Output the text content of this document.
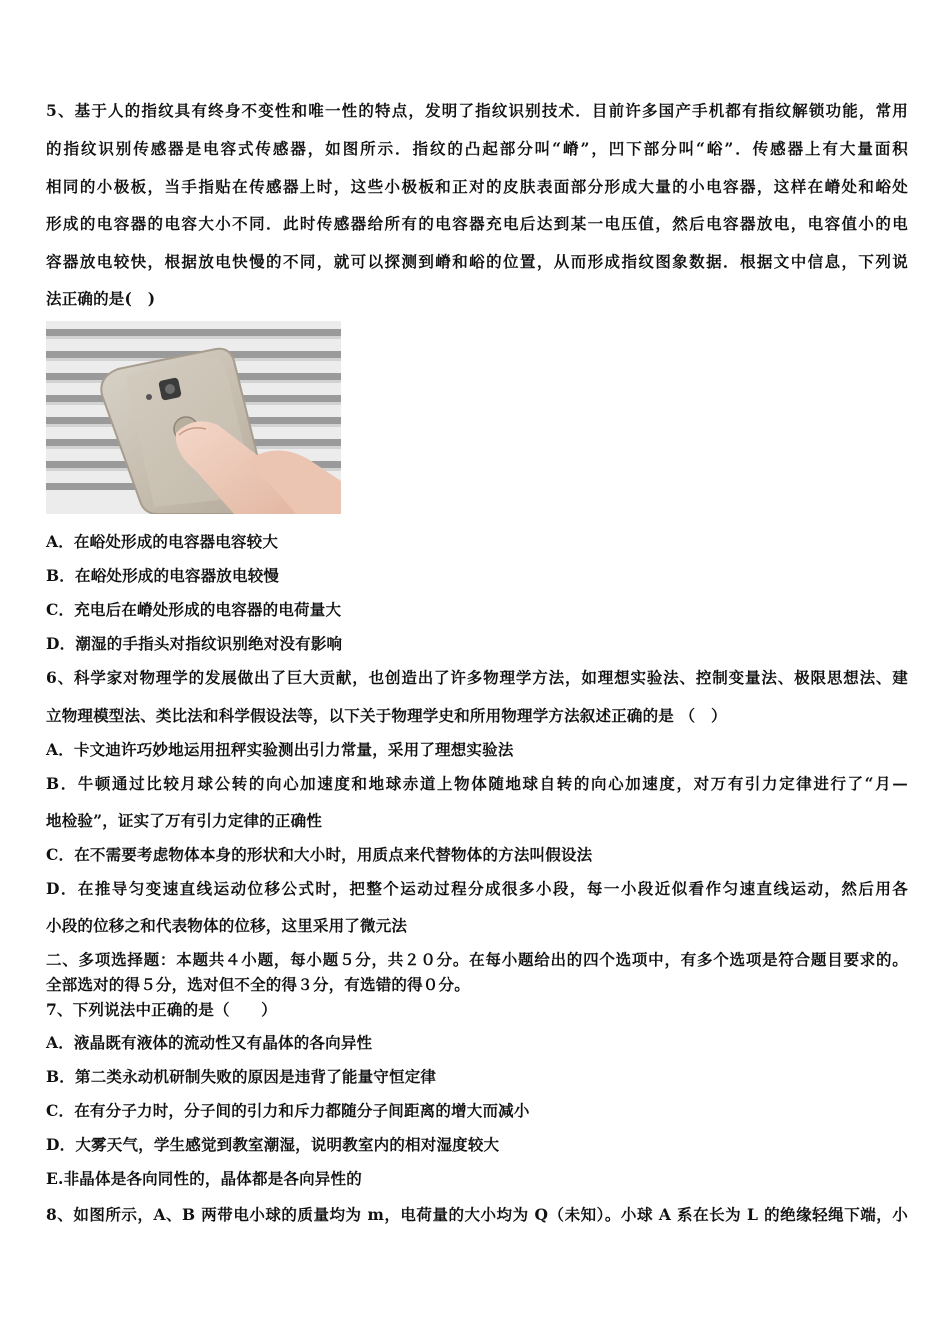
5、基于人的指纹具有终身不变性和唯一性的特点，发明了指纹识别技术．目前许多国产手机都有指纹解锁功能，常用
的指纹识别传感器是电容式传感器，如图所示．指纹的凸起部分叫“嵴”，凹下部分叫“峪”．传感器上有大量面积
相同的小极板，当手指贴在传感器上时，这些小极板和正对的皮肤表面部分形成大量的小电容器，这样在嵴处和峪处
形成的电容器的电容大小不同．此时传感器给所有的电容器充电后达到某一电压值，然后电容器放电，电容值小的电
容器放电较快，根据放电快慢的不同，就可以探测到嵴和峪的位置，从而形成指纹图象数据．根据文中信息，下列说
法正确的是(　)
A．在峪处形成的电容器电容较大
B．在峪处形成的电容器放电较慢
C．充电后在嵴处形成的电容器的电荷量大
D．潮湿的手指头对指纹识别绝对没有影响
6、科学家对物理学的发展做出了巨大贡献，也创造出了许多物理学方法，如理想实验法、控制变量法、极限思想法、建
立物理模型法、类比法和科学假设法等，以下关于物理学史和所用物理学方法叙述正确的是 （　）
A．卡文迪许巧妙地运用扭秤实验测出引力常量，采用了理想实验法
B．牛顿通过比较月球公转的向心加速度和地球赤道上物体随地球自转的向心加速度，对万有引力定律进行了“月—
地检验”，证实了万有引力定律的正确性
C．在不需要考虑物体本身的形状和大小时，用质点来代替物体的方法叫假设法
D．在推导匀变速直线运动位移公式时，把整个运动过程分成很多小段，每一小段近似看作匀速直线运动，然后用各
小段的位移之和代表物体的位移，这里采用了微元法
二、多项选择题：本题共４小题，每小题５分，共２０分。在每小题给出的四个选项中，有多个选项是符合题目要求的。
全部选对的得５分，选对但不全的得３分，有选错的得０分。
7、下列说法中正确的是（　　）
A．液晶既有液体的流动性又有晶体的各向异性
B．第二类永动机研制失败的原因是违背了能量守恒定律
C．在有分子力时，分子间的引力和斥力都随分子间距离的增大而减小
D．大雾天气，学生感觉到教室潮湿，说明教室内的相对湿度较大
E.非晶体是各向同性的，晶体都是各向异性的
8、如图所示，A、B 两带电小球的质量均为 m，电荷量的大小均为 Q（未知）。小球 A 系在长为 L 的绝缘轻绳下端，小
